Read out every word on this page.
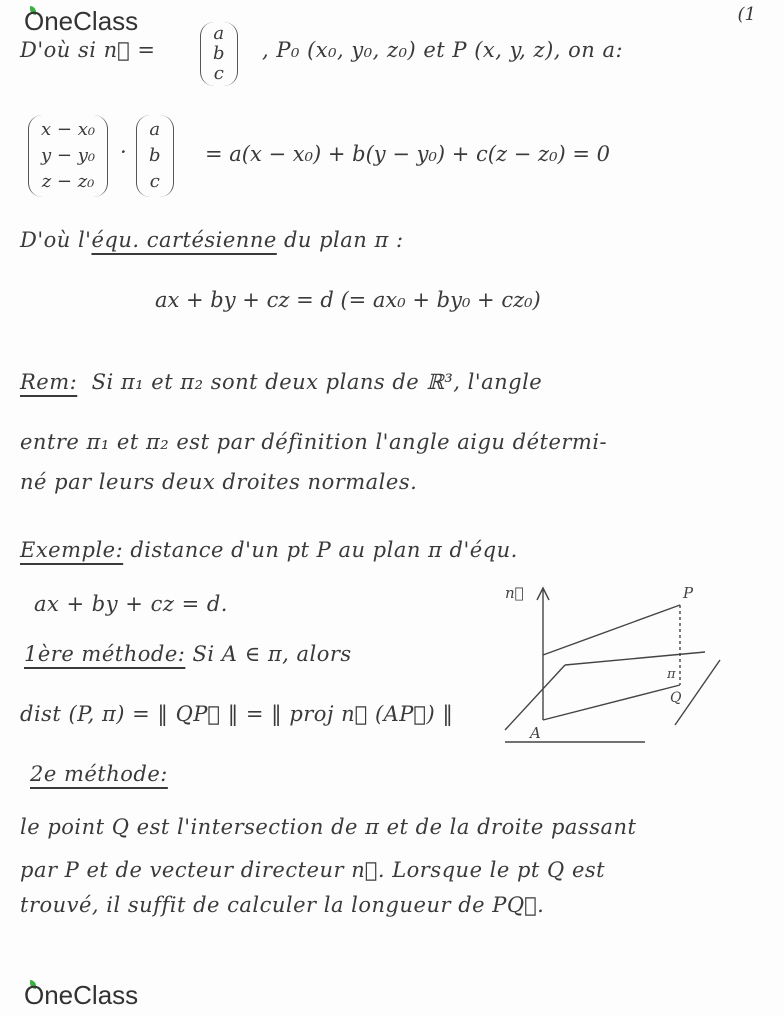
OneClass	(1
D'où si n⃗ =
a
b
c
, P₀ (x₀, y₀, z₀) et P (x, y, z), on a:
x − x₀
y − y₀
z − z₀
·
a
b
c
= a(x − x₀) + b(y − y₀) + c(z − z₀) = 0
D'où l'équ. cartésienne du plan π :
ax + by + cz = d (= ax₀ + by₀ + cz₀)
Rem: Si π₁ et π₂ sont deux plans de ℝ³, l'angle
entre π₁ et π₂ est par définition l'angle aigu détermi-
né par leurs deux droites normales.
Exemple: distance d'un pt P au plan π d'équ.
ax + by + cz = d.
1ère méthode: Si A ∈ π, alors
dist (P, π) = ‖ QP⃗ ‖ = ‖ proj n⃗ (AP⃗) ‖
n⃗	P
A
Q
π
2e méthode:
le point Q est l'intersection de π et de la droite passant
par P et de vecteur directeur n⃗. Lorsque le pt Q est
trouvé, il suffit de calculer la longueur de PQ⃗.
OneClass
